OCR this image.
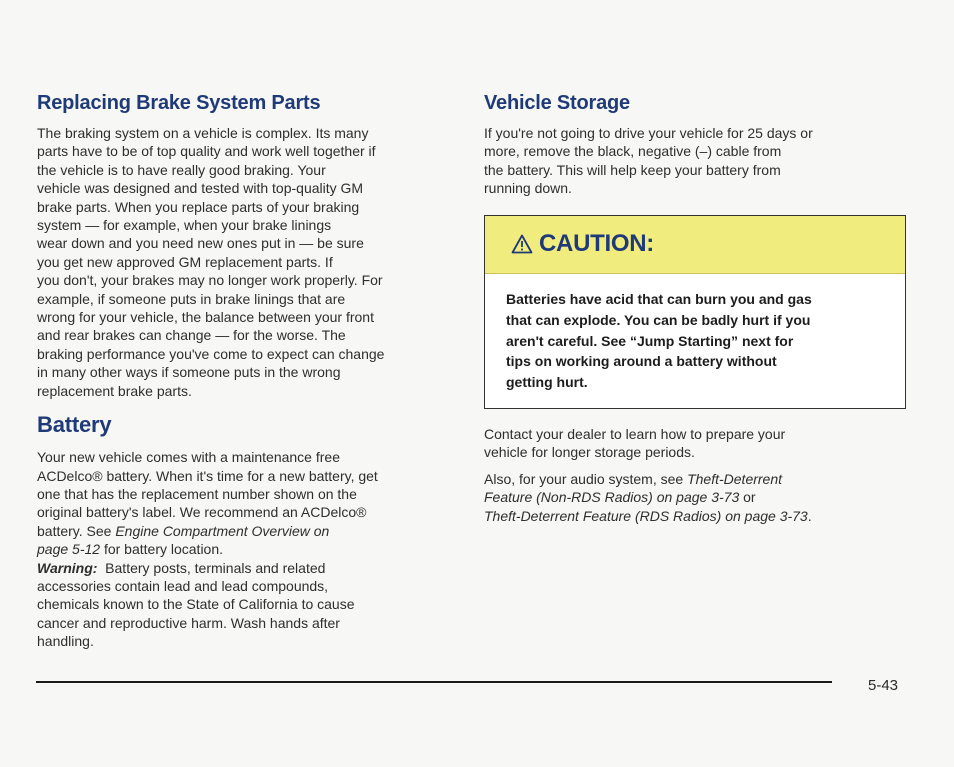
Replacing Brake System Parts

The braking system on a vehicle is complex. Its many
parts have to be of top quality and work well together if
the vehicle is to have really good braking. Your
vehicle was designed and tested with top-quality GM
brake parts. When you replace parts of your braking
system — for example, when your brake linings
wear down and you need new ones put in — be sure
you get new approved GM replacement parts. If
you don't, your brakes may no longer work properly. For
example, if someone puts in brake linings that are
wrong for your vehicle, the balance between your front
and rear brakes can change — for the worse. The
braking performance you've come to expect can change
in many other ways if someone puts in the wrong
replacement brake parts.

Battery

Your new vehicle comes with a maintenance free
ACDelco® battery. When it's time for a new battery, get
one that has the replacement number shown on the
original battery's label. We recommend an ACDelco®
battery. See Engine Compartment Overview on
page 5-12 for battery location.
Warning:  Battery posts, terminals and related
accessories contain lead and lead compounds,
chemicals known to the State of California to cause
cancer and reproductive harm. Wash hands after
handling.

Vehicle Storage

If you're not going to drive your vehicle for 25 days or
more, remove the black, negative (–) cable from
the battery. This will help keep your battery from
running down.

CAUTION:
Batteries have acid that can burn you and gas
that can explode. You can be badly hurt if you
aren't careful. See “Jump Starting” next for
tips on working around a battery without
getting hurt.

Contact your dealer to learn how to prepare your
vehicle for longer storage periods.

Also, for your audio system, see Theft-Deterrent
Feature (Non-RDS Radios) on page 3-73 or
Theft-Deterrent Feature (RDS Radios) on page 3-73.

5-43
